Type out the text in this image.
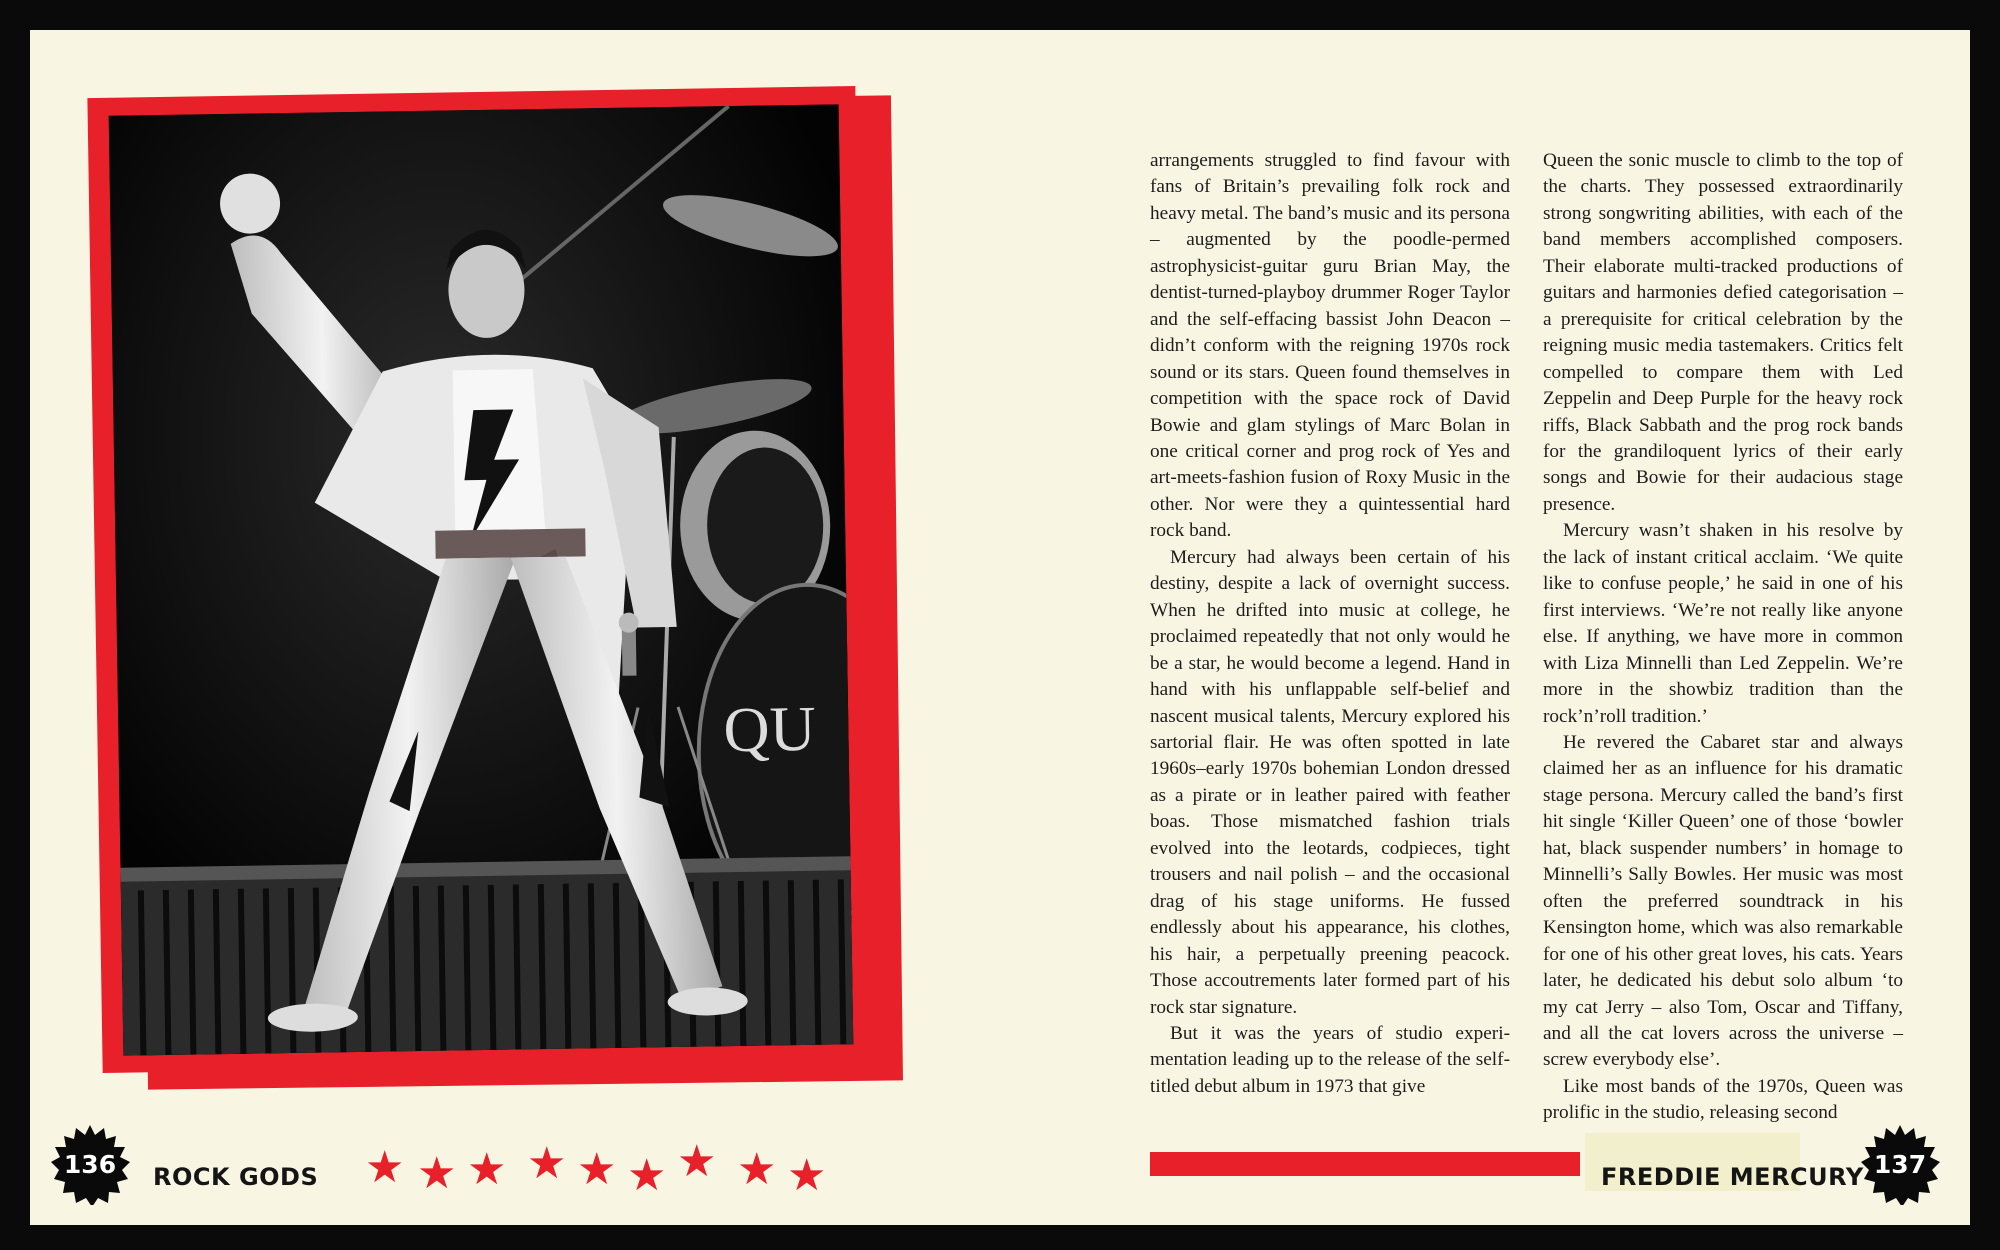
QU

arrangements struggled to find favour with fans of Britain’s prevailing folk rock and heavy metal. The band’s music and its persona – augmented by the poodle-permed astrophysicist-guitar guru Brian May, the dentist-turned-playboy drummer Roger Taylor and the self-effacing bassist John Deacon – didn’t conform with the reigning 1970s rock sound or its stars. Queen found themselves in competition with the space rock of David Bowie and glam stylings of Marc Bolan in one critical corner and prog rock of Yes and art-meets-fashion fusion of Roxy Music in the other. Nor were they a quintessential hard rock band.

Mercury had always been certain of his destiny, despite a lack of overnight success. When he drifted into music at college, he proclaimed repeatedly that not only would he be a star, he would become a legend. Hand in hand with his unflappable self-belief and nascent musical talents, Mercury explored his sartorial flair. He was often spotted in late 1960s–early 1970s bohemian London dressed as a pirate or in leather paired with feather boas. Those mismatched fashion trials evolved into the leotards, codpieces, tight trousers and nail polish – and the occasional drag of his stage uniforms. He fussed endlessly about his appearance, his clothes, his hair, a perpetually preening peacock. Those accoutrements later formed part of his rock star signature.

But it was the years of studio experi-mentation leading up to the release of the self-titled debut album in 1973 that give

Queen the sonic muscle to climb to the top of the charts. They possessed extraordinarily strong songwriting abilities, with each of the band members accomplished composers. Their elaborate multi-tracked productions of guitars and harmonies defied categorisation – a prerequisite for critical celebration by the reigning music media tastemakers. Critics felt compelled to compare them with Led Zeppelin and Deep Purple for the heavy rock riffs, Black Sabbath and the prog rock bands for the grandiloquent lyrics of their early songs and Bowie for their audacious stage presence.

Mercury wasn’t shaken in his resolve by the lack of instant critical acclaim. ‘We quite like to confuse people,’ he said in one of his first interviews. ‘We’re not really like anyone else. If anything, we have more in common with Liza Minnelli than Led Zeppelin. We’re more in the showbiz tradition than the rock’n’roll tradition.’

He revered the Cabaret star and always claimed her as an influence for his dramatic stage persona. Mercury called the band’s first hit single ‘Killer Queen’ one of those ‘bowler hat, black suspender numbers’ in homage to Minnelli’s Sally Bowles. Her music was most often the preferred soundtrack in his Kensington home, which was also remarkable for one of his other great loves, his cats. Years later, he dedicated his debut solo album ‘to my cat Jerry – also Tom, Oscar and Tiffany, and all the cat lovers across the universe – screw everybody else’.

Like most bands of the 1970s, Queen was prolific in the studio, releasing second

136	ROCK GODS ★ ★ ★ ★ ★ ★ ★ ★ ★	FREDDIE MERCURY 137
